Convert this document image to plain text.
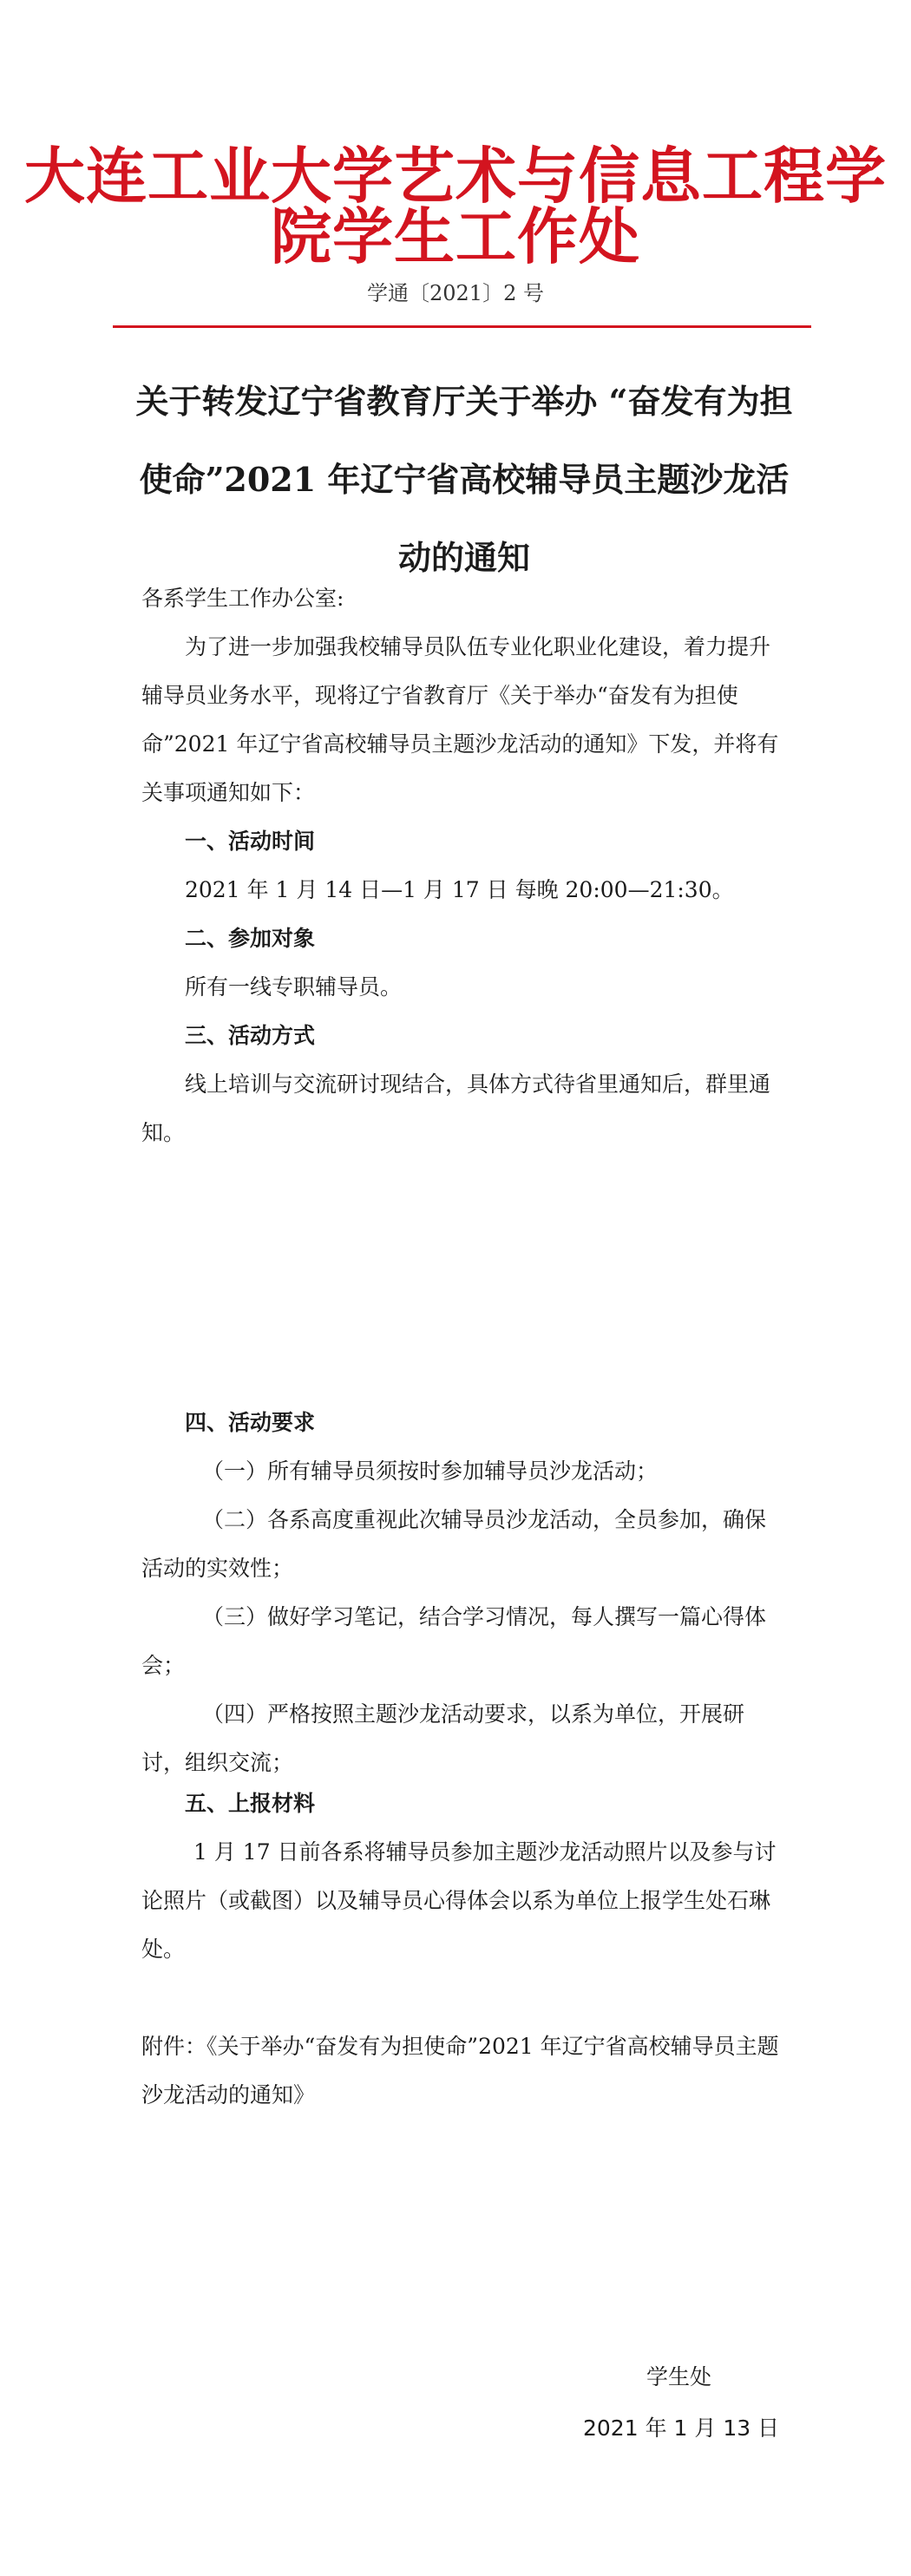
大连工业大学艺术与信息工程学院学生工作处
学通〔2021〕2 号
关于转发辽宁省教育厅关于举办 “奋发有为担使命”2021 年辽宁省高校辅导员主题沙龙活动的通知
各系学生工作办公室:
为了进一步加强我校辅导员队伍专业化职业化建设，着力提升辅导员业务水平，现将辽宁省教育厅《关于举办“奋发有为担使命”2021 年辽宁省高校辅导员主题沙龙活动的通知》下发，并将有关事项通知如下：
一、活动时间
2021 年 1 月 14 日—1 月 17 日 每晚 20:00—21:30。
二、参加对象
所有一线专职辅导员。
三、活动方式
线上培训与交流研讨现结合，具体方式待省里通知后，群里通知。
四、活动要求
（一）所有辅导员须按时参加辅导员沙龙活动；
（二）各系高度重视此次辅导员沙龙活动，全员参加，确保活动的实效性；
（三）做好学习笔记，结合学习情况，每人撰写一篇心得体会；
（四）严格按照主题沙龙活动要求，以系为单位，开展研讨，组织交流；
五、上报材料
1 月 17 日前各系将辅导员参加主题沙龙活动照片以及参与讨论照片（或截图）以及辅导员心得体会以系为单位上报学生处石琳处。
附件：《关于举办“奋发有为担使命”2021 年辽宁省高校辅导员主题沙龙活动的通知》
学生处
2021 年 1 月 13 日
